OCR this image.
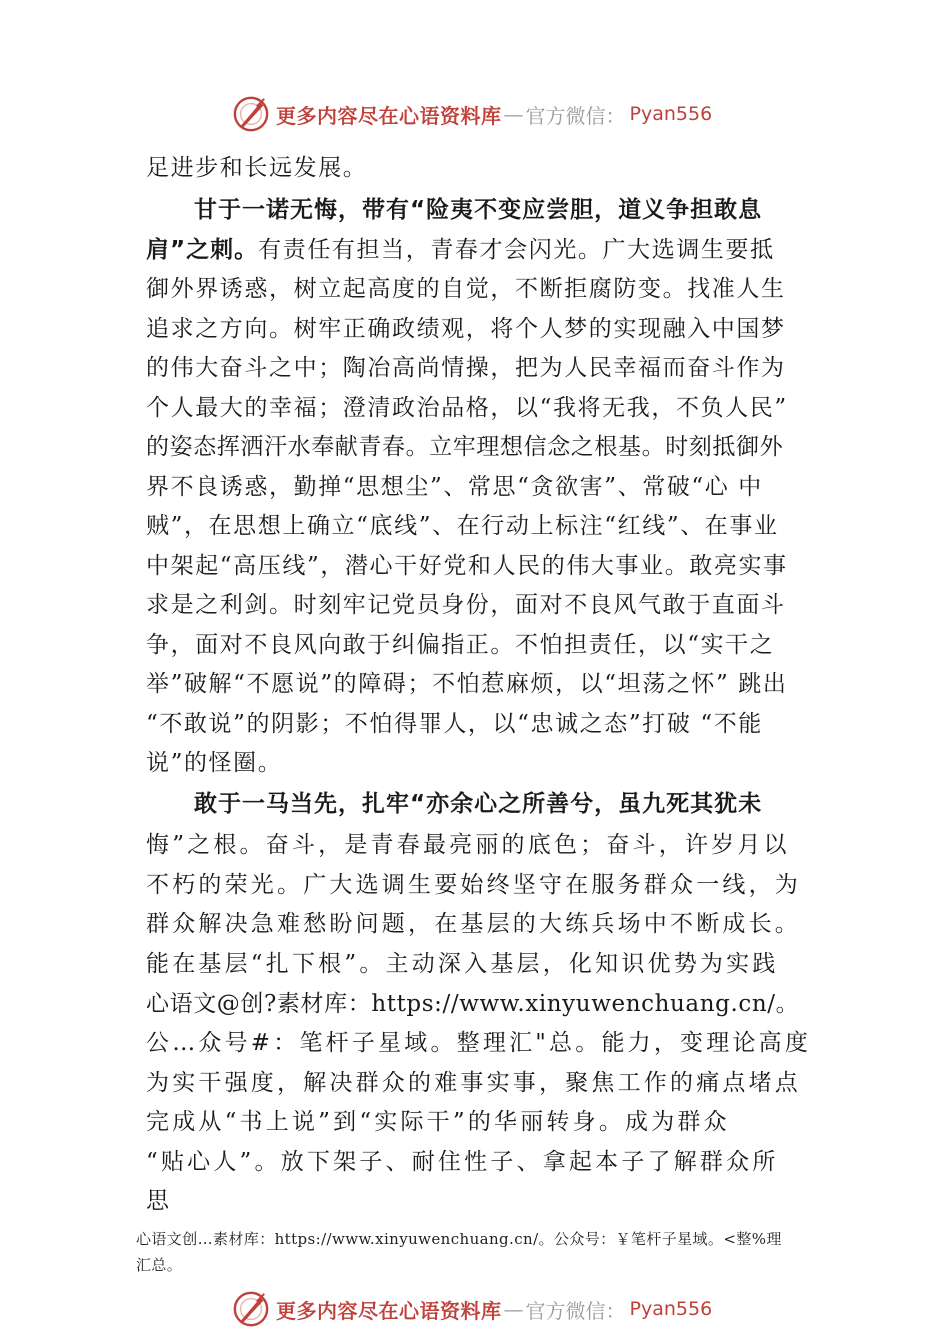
更多内容尽在心语资料库 — 官方微信： Pyan556
足进步和长远发展。
甘于一诺无悔，带有“险夷不变应尝胆，道义争担敢息
肩”之刺。有责任有担当，青春才会闪光。广大选调生要抵
御外界诱惑，树立起高度的自觉，不断拒腐防变。找准人生
追求之方向。树牢正确政绩观，将个人梦的实现融入中国梦
的伟大奋斗之中；陶冶高尚情操，把为人民幸福而奋斗作为
个人最大的幸福；澄清政治品格，以“我将无我，不负人民”
的姿态挥洒汗水奉献青春。立牢理想信念之根基。时刻抵御外
界不良诱惑，勤掸“思想尘”、常思“贪欲害”、常破“心 中
贼”，在思想上确立“底线”、在行动上标注“红线”、在事业
中架起“高压线”，潜心干好党和人民的伟大事业。敢亮实事
求是之利剑。时刻牢记党员身份，面对不良风气敢于直面斗
争，面对不良风向敢于纠偏指正。不怕担责任，以“实干之
举”破解“不愿说”的障碍；不怕惹麻烦，以“坦荡之怀” 跳出
“不敢说”的阴影；不怕得罪人，以“忠诚之态”打破 “不能
说”的怪圈。
敢于一马当先，扎牢“亦余心之所善兮，虽九死其犹未
悔”之根。奋斗，是青春最亮丽的底色；奋斗，许岁月以
不朽的荣光。广大选调生要始终坚守在服务群众一线，为
群众解决急难愁盼问题，在基层的大练兵场中不断成长。
能在基层“扎下根”。主动深入基层，化知识优势为实践
心语文@创?素材库：https://www.xinyuwenchuang.cn/。
公…众号#：笔杆子星域。整理汇"总。能力，变理论高度
为实干强度，解决群众的难事实事，聚焦工作的痛点堵点
完成从“书上说”到“实际干”的华丽转身。成为群众
“贴心人”。放下架子、耐住性子、拿起本子了解群众所
思
心语文创…素材库：https://www.xinyuwenchuang.cn/。公众号：￥笔杆子星域。<整%理
汇总。
更多内容尽在心语资料库 — 官方微信： Pyan556
